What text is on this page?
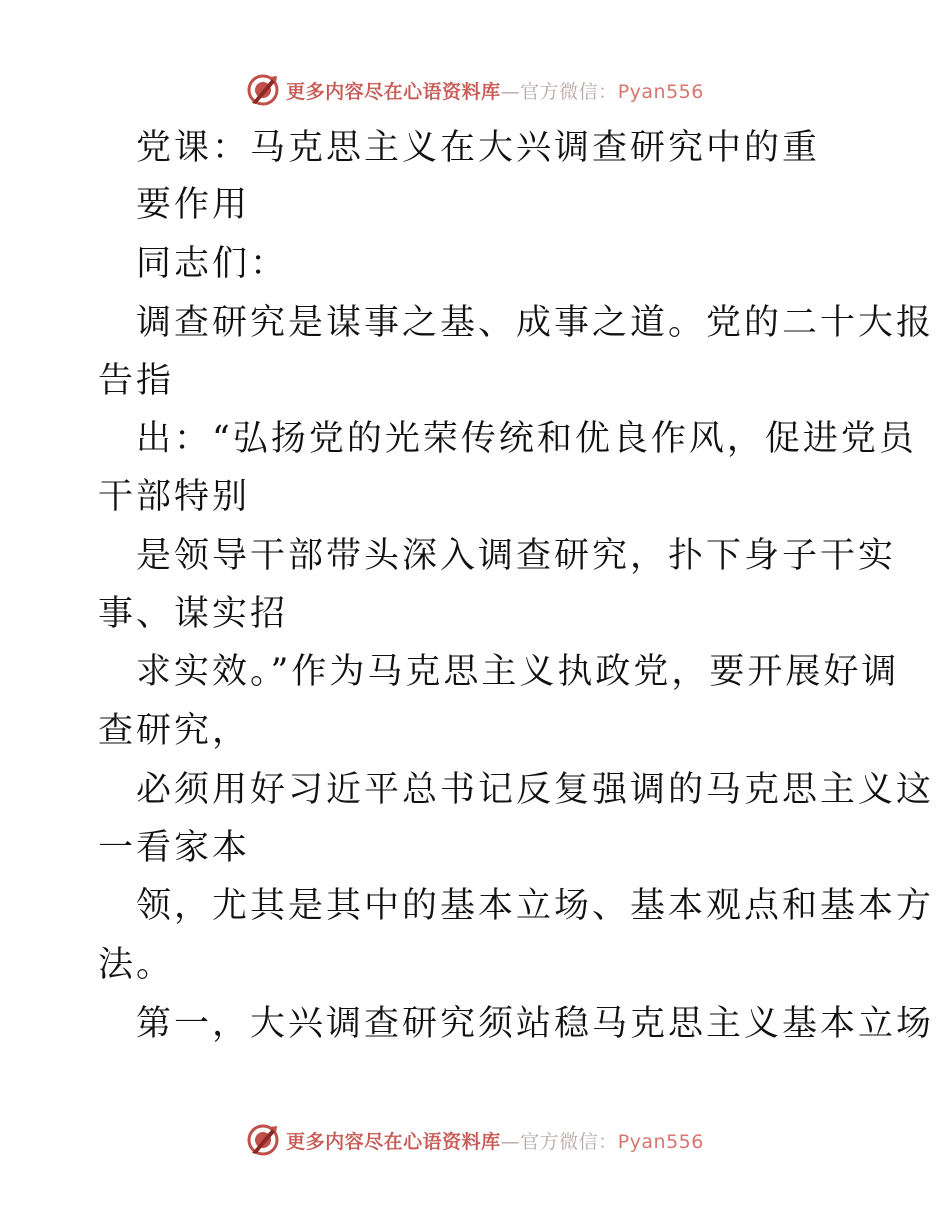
更多内容尽在心语资料库—官方微信：Pyan556
党课：马克思主义在大兴调查研究中的重
要作用
同志们：
调查研究是谋事之基、成事之道。党的二十大报
告指
出：“弘扬党的光荣传统和优良作风，促进党员
干部特别
是领导干部带头深入调查研究，扑下身子干实
事、谋实招
求实效。”作为马克思主义执政党，要开展好调
查研究，
必须用好习近平总书记反复强调的马克思主义这
一看家本
领，尤其是其中的基本立场、基本观点和基本方
法。
第一，大兴调查研究须站稳马克思主义基本立场
更多内容尽在心语资料库—官方微信：Pyan556
